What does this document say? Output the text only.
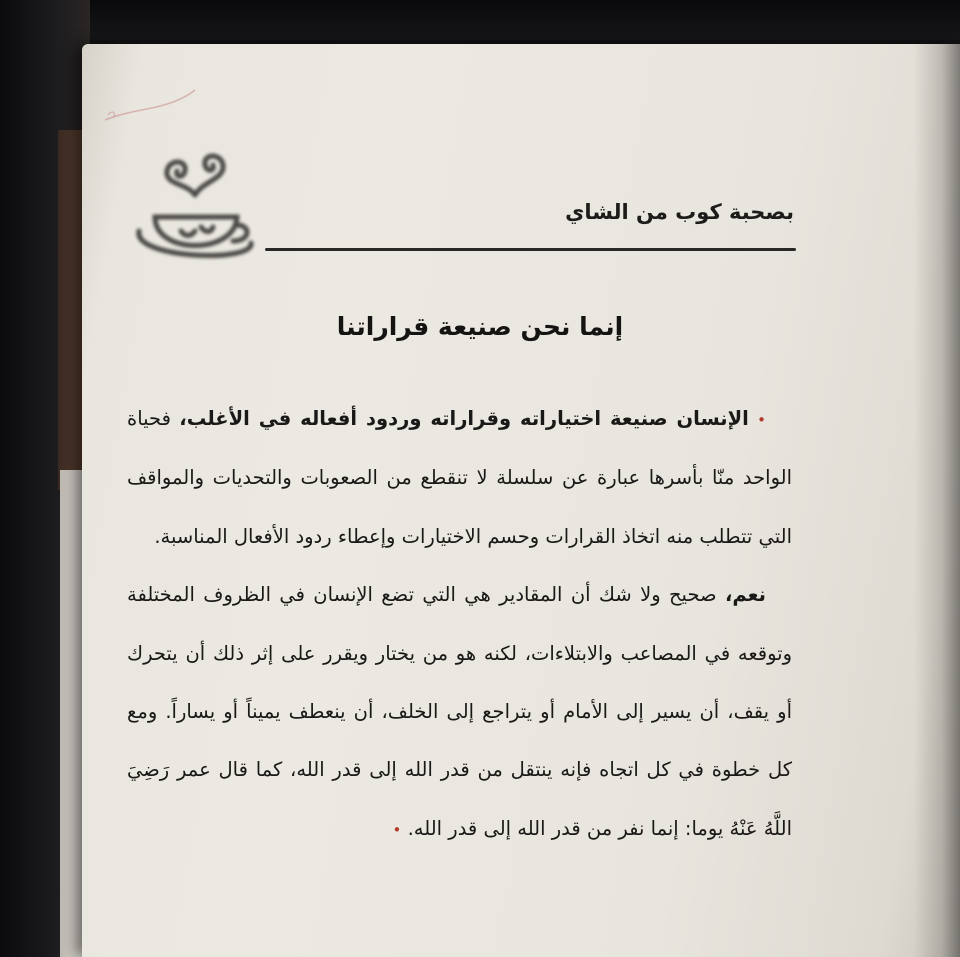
بصحبة كوب من الشاي
إنما نحن صنيعة قراراتنا

• الإنسان صنيعة اختياراته وقراراته وردود أفعاله في الأغلب، فحياة الواحد منّا بأسرها عبارة عن سلسلة لا تنقطع من الصعوبات والتحديات والمواقف التي تتطلب منه اتخاذ القرارات وحسم الاختيارات وإعطاء ردود الأفعال المناسبة.

نعم، صحيح ولا شك أن المقادير هي التي تضع الإنسان في الظروف المختلفة وتوقعه في المصاعب والابتلاءات، لكنه هو من يختار ويقرر على إثر ذلك أن يتحرك أو يقف، أن يسير إلى الأمام أو يتراجع إلى الخلف، أن ينعطف يميناً أو يساراً. ومع كل خطوة في كل اتجاه فإنه ينتقل من قدر الله إلى قدر الله، كما قال عمر رَضِيَ اللَّهُ عَنْهُ يوما: إنما نفر من قدر الله إلى قدر الله. •
